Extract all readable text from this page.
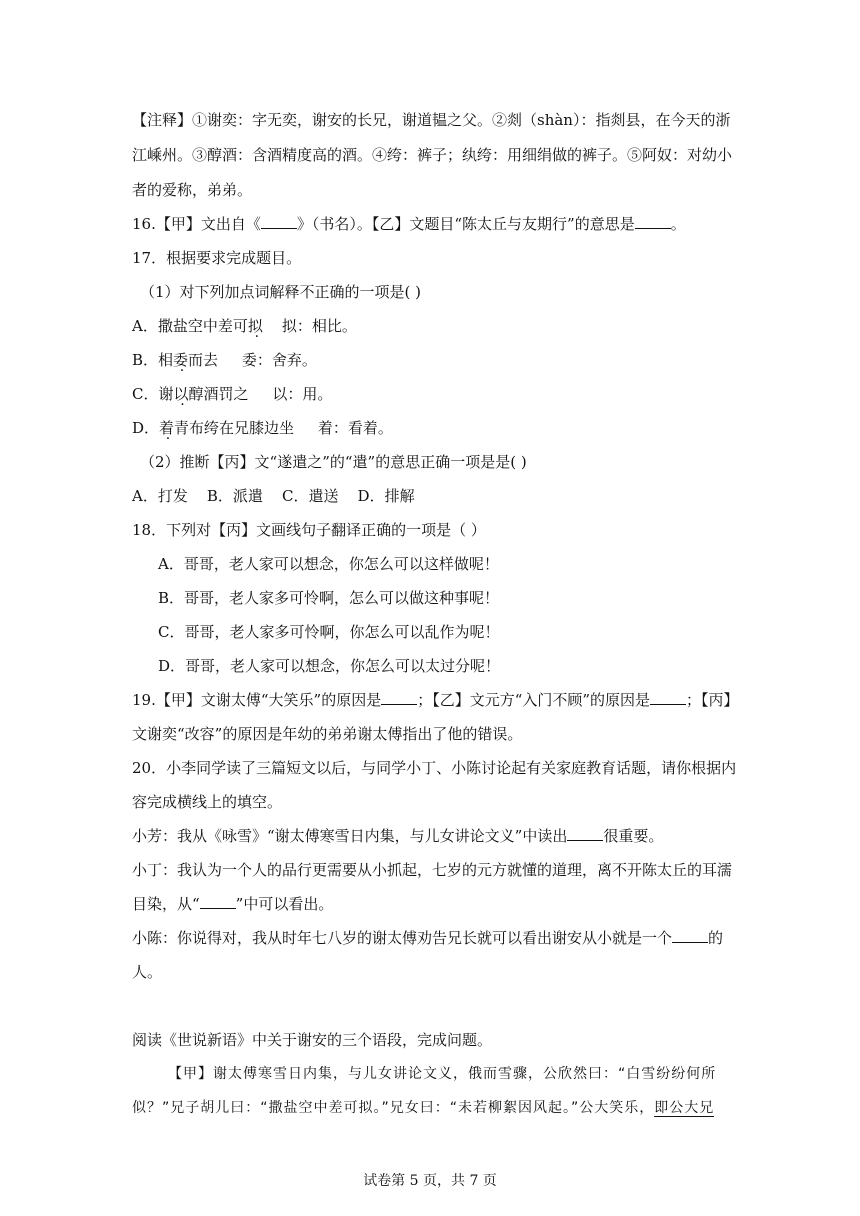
【注释】①谢奕：字无奕，谢安的长兄，谢道韫之父。②剡（shàn）：指剡县，在今天的浙
江嵊州。③醇酒：含酒精度高的酒。④绔：裤子；纨绔：用细绢做的裤子。⑤阿奴：对幼小
者的爱称，弟弟。
16.【甲】文出自《 》（书名）。【乙】文题目“陈太丘与友期行”的意思是 。
17．根据要求完成题目。
（1）对下列加点词解释不正确的一项是( )
A．撒盐空中差可拟    拟：相比。
B．相委而去     委：舍弃。
C．谢以醇酒罚之     以：用。
D．着青布绔在兄膝边坐     着：看着。
（2）推断【丙】文“遂遣之”的“遣”的意思正确一项是是( )
A．打发    B．派遣    C．遣送    D．排解
18．下列对【丙】文画线句子翻译正确的一项是（ ）
A．哥哥，老人家可以想念，你怎么可以这样做呢！
B．哥哥，老人家多可怜啊，怎么可以做这种事呢！
C．哥哥，老人家多可怜啊，你怎么可以乱作为呢！
D．哥哥，老人家可以想念，你怎么可以太过分呢！
19.【甲】文谢太傅“大笑乐”的原因是 ；【乙】文元方“入门不顾”的原因是 ；【丙】
文谢奕“改容”的原因是年幼的弟弟谢太傅指出了他的错误。
20．小李同学读了三篇短文以后，与同学小丁、小陈讨论起有关家庭教育话题，请你根据内
容完成横线上的填空。
小芳：我从《咏雪》“谢太傅寒雪日内集，与儿女讲论文义”中读出 很重要。
小丁：我认为一个人的品行更需要从小抓起，七岁的元方就懂的道理，离不开陈太丘的耳濡
目染，从“ ”中可以看出。
小陈：你说得对，我从时年七八岁的谢太傅劝告兄长就可以看出谢安从小就是一个 的
人。
阅读《世说新语》中关于谢安的三个语段，完成问题。
【甲】谢太傅寒雪日内集，与儿女讲论文义，俄而雪骤，公欣然曰：“白雪纷纷何所
似？”兄子胡儿曰：“撒盐空中差可拟。”兄女曰：“未若柳絮因风起。”公大笑乐，即公大兄
试卷第 5 页，共 7 页
